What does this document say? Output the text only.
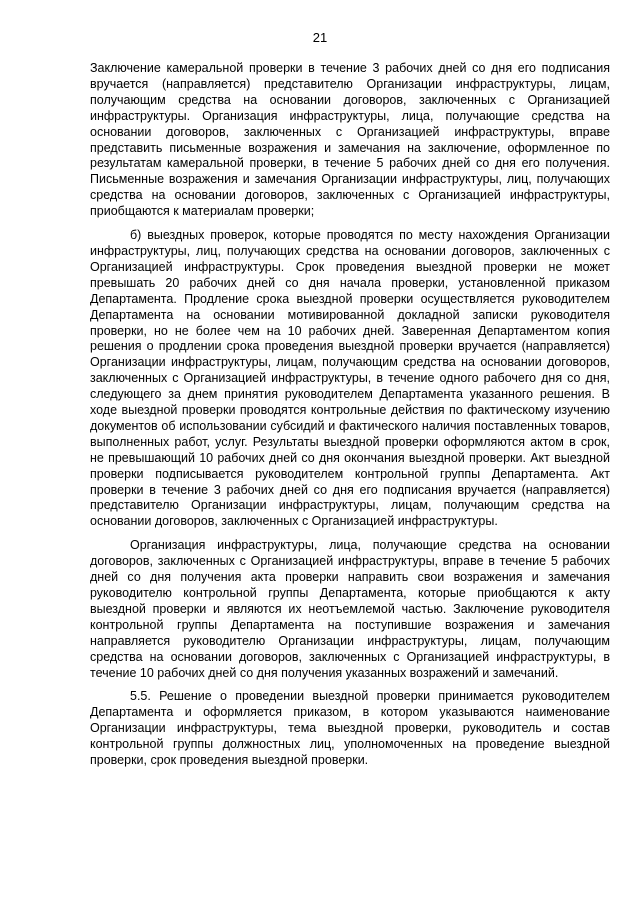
21

Заключение камеральной проверки в течение 3 рабочих дней со дня его подписания вручается (направляется) представителю Организации инфраструктуры, лицам, получающим средства на основании договоров, заключенных с Организацией инфраструктуры. Организация инфраструктуры, лица, получающие средства на основании договоров, заключенных с Организацией инфраструктуры, вправе представить письменные возражения и замечания на заключение, оформленное по результатам камеральной проверки, в течение 5 рабочих дней со дня его получения. Письменные возражения и замечания Организации инфраструктуры, лиц, получающих средства на основании договоров, заключенных с Организацией инфраструктуры, приобщаются к материалам проверки;

б) выездных проверок, которые проводятся по месту нахождения Организации инфраструктуры, лиц, получающих средства на основании договоров, заключенных с Организацией инфраструктуры. Срок проведения выездной проверки не может превышать 20 рабочих дней со дня начала проверки, установленной приказом Департамента. Продление срока выездной проверки осуществляется руководителем Департамента на основании мотивированной докладной записки руководителя проверки, но не более чем на 10 рабочих дней. Заверенная Департаментом копия решения о продлении срока проведения выездной проверки вручается (направляется) Организации инфраструктуры, лицам, получающим средства на основании договоров, заключенных с Организацией инфраструктуры, в течение одного рабочего дня со дня, следующего за днем принятия руководителем Департамента указанного решения. В ходе выездной проверки проводятся контрольные действия по фактическому изучению документов об использовании субсидий и фактического наличия поставленных товаров, выполненных работ, услуг. Результаты выездной проверки оформляются актом в срок, не превышающий 10 рабочих дней со дня окончания выездной проверки. Акт выездной проверки подписывается руководителем контрольной группы Департамента. Акт проверки в течение 3 рабочих дней со дня его подписания вручается (направляется) представителю Организации инфраструктуры, лицам, получающим средства на основании договоров, заключенных с Организацией инфраструктуры.

Организация инфраструктуры, лица, получающие средства на основании договоров, заключенных с Организацией инфраструктуры, вправе в течение 5 рабочих дней со дня получения акта проверки направить свои возражения и замечания руководителю контрольной группы Департамента, которые приобщаются к акту выездной проверки и являются их неотъемлемой частью. Заключение руководителя контрольной группы Департамента на поступившие возражения и замечания направляется руководителю Организации инфраструктуры, лицам, получающим средства на основании договоров, заключенных с Организацией инфраструктуры, в течение 10 рабочих дней со дня получения указанных возражений и замечаний.

5.5. Решение о проведении выездной проверки принимается руководителем Департамента и оформляется приказом, в котором указываются наименование Организации инфраструктуры, тема выездной проверки, руководитель и состав контрольной группы должностных лиц, уполномоченных на проведение выездной проверки, срок проведения выездной проверки.
